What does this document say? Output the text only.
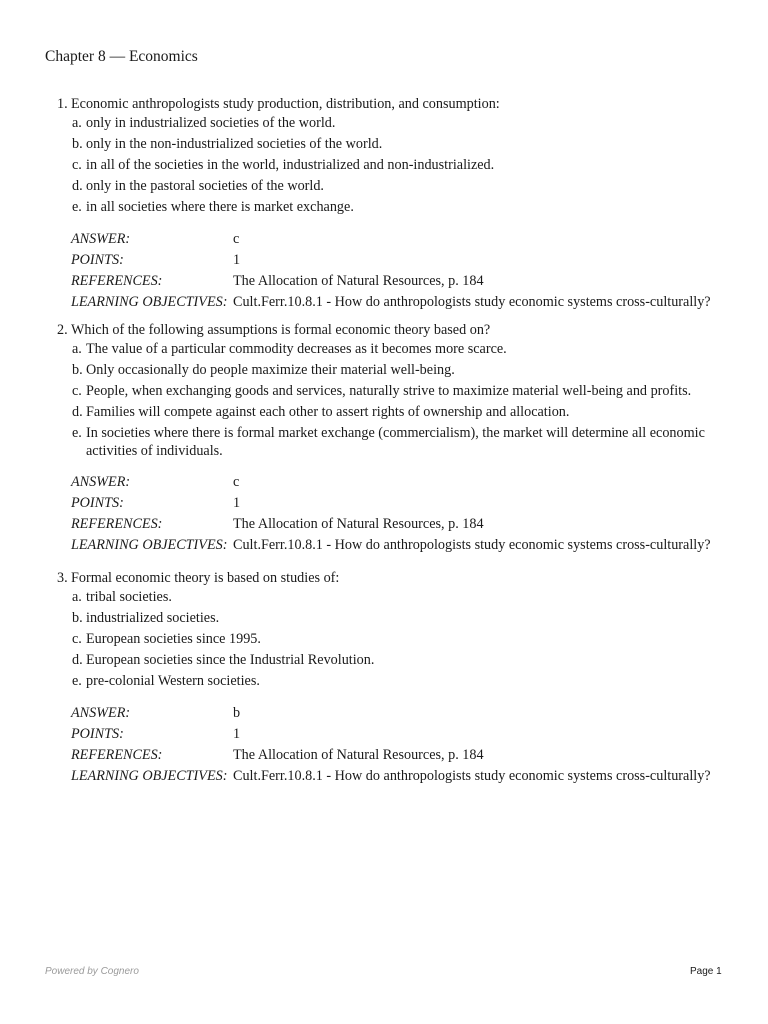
Chapter 8 — Economics
1. Economic anthropologists study production, distribution, and consumption:
a. only in industrialized societies of the world.
b. only in the non-industrialized societies of the world.
c. in all of the societies in the world, industrialized and non-industrialized.
d. only in the pastoral societies of the world.
e. in all societies where there is market exchange.
ANSWER:	c
POINTS:	1
REFERENCES:	The Allocation of Natural Resources, p. 184
LEARNING OBJECTIVES: Cult.Ferr.10.8.1 - How do anthropologists study economic systems cross-culturally?
2. Which of the following assumptions is formal economic theory based on?
a. The value of a particular commodity decreases as it becomes more scarce.
b. Only occasionally do people maximize their material well-being.
c. People, when exchanging goods and services, naturally strive to maximize material well-being and profits.
d. Families will compete against each other to assert rights of ownership and allocation.
e. In societies where there is formal market exchange (commercialism), the market will determine all economic activities of individuals.
ANSWER:	c
POINTS:	1
REFERENCES:	The Allocation of Natural Resources, p. 184
LEARNING OBJECTIVES: Cult.Ferr.10.8.1 - How do anthropologists study economic systems cross-culturally?
3. Formal economic theory is based on studies of:
a. tribal societies.
b. industrialized societies.
c. European societies since 1995.
d. European societies since the Industrial Revolution.
e. pre-colonial Western societies.
ANSWER:	b
POINTS:	1
REFERENCES:	The Allocation of Natural Resources, p. 184
LEARNING OBJECTIVES: Cult.Ferr.10.8.1 - How do anthropologists study economic systems cross-culturally?
Powered by Cognero	Page 1
